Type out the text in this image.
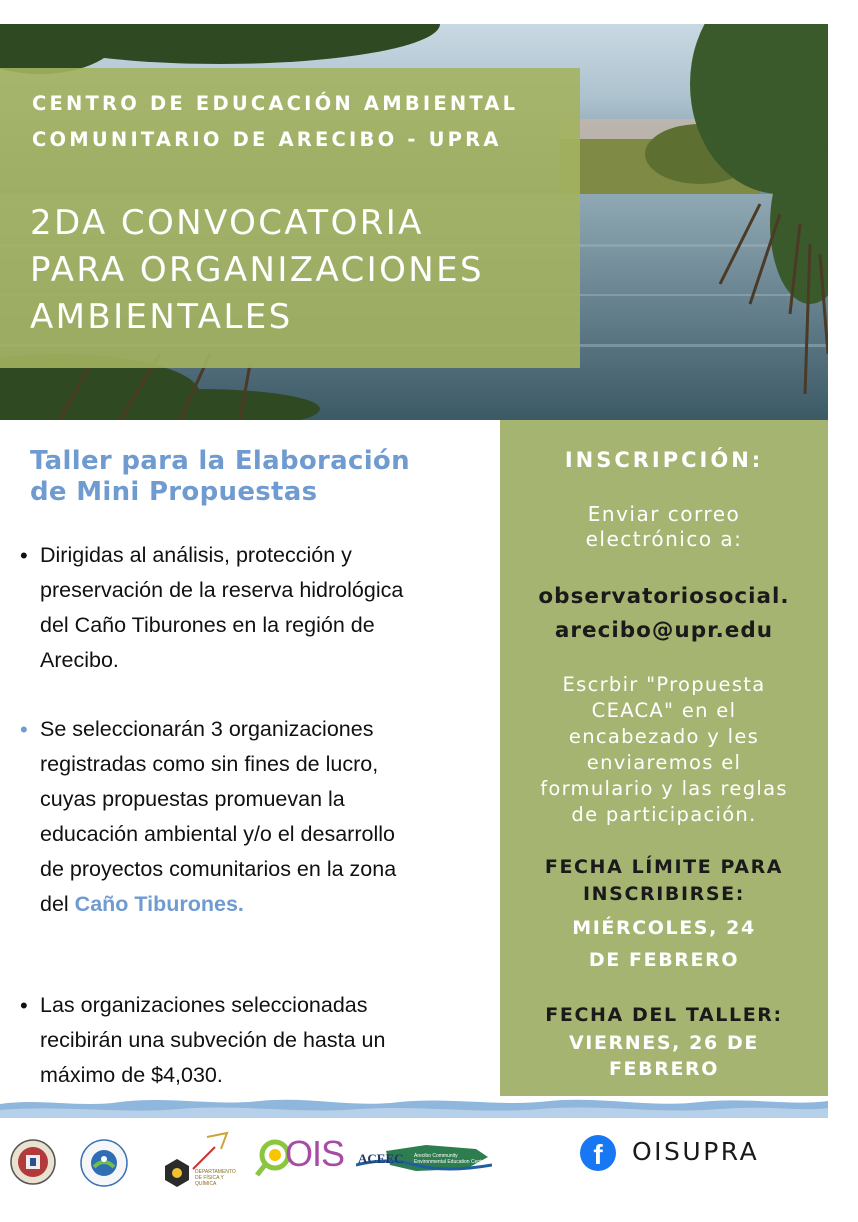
CENTRO DE EDUCACIÓN AMBIENTAL
COMUNITARIO DE ARECIBO - UPRA
2DA CONVOCATORIA
PARA ORGANIZACIONES
AMBIENTALES
Taller para la Elaboración
de Mini Propuestas
• Dirigidas al análisis, protección y
preservación de la reserva hidrológica
del Caño Tiburones en la región de
Arecibo.
• Se seleccionarán 3 organizaciones
registradas como sin fines de lucro,
cuyas propuestas promuevan la
educación ambiental y/o el desarrollo
de proyectos comunitarios en la zona
del Caño Tiburones.
• Las organizaciones seleccionadas
recibirán una subveción de hasta un
máximo de $4,030.
INSCRIPCIÓN:
Enviar correo
electrónico a:
observatoriosocial.
arecibo@upr.edu
Escrbir "Propuesta
CEACA" en el
encabezado y les
enviaremos el
formulario y las reglas
de participación.
FECHA LÍMITE PARA
INSCRIBIRSE:
MIÉRCOLES, 24
DE FEBRERO
FECHA DEL TALLER:
VIERNES, 26 DE
FEBRERO
DEPARTAMENTO DE FÍSICA Y QUÍMICA
OIS ACEEC Arecibo Community Environmental Education Center	f	OISUPRA
